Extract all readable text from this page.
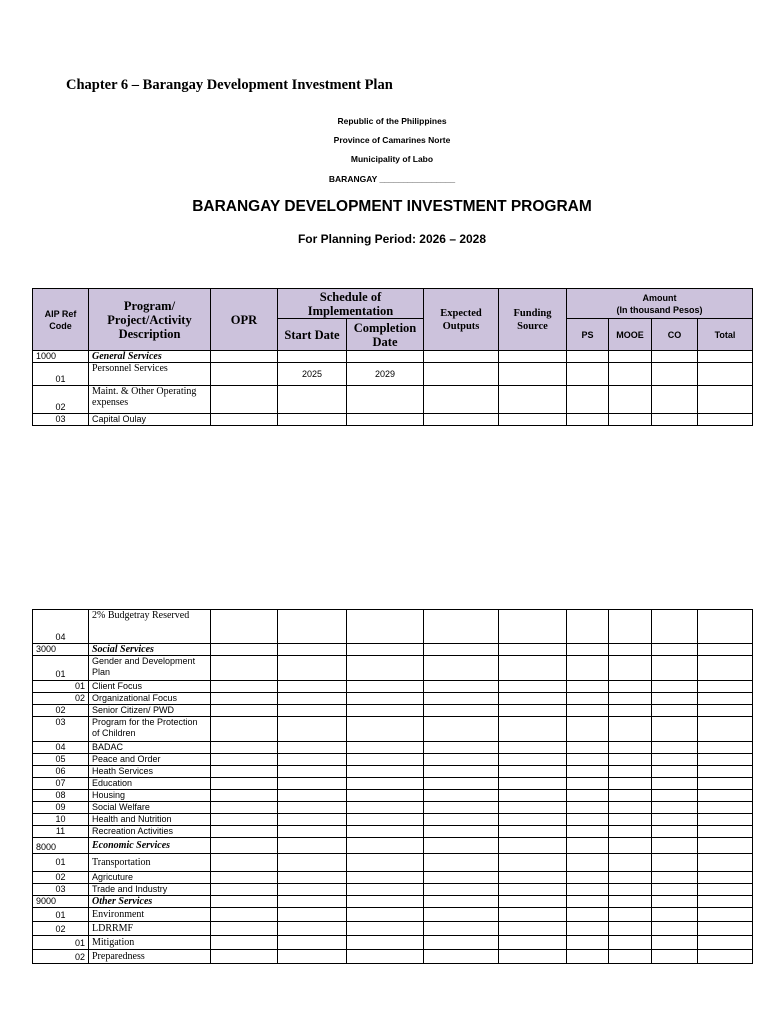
Chapter 6 – Barangay Development Investment Plan
Republic of the Philippines
Province of Camarines Norte
Municipality of Labo
BARANGAY ________________
BARANGAY DEVELOPMENT INVESTMENT PROGRAM
For Planning Period: 2026 – 2028
AIP Ref Code	Program/ Project/Activity Description	OPR	Schedule of Implementation		Expected Outputs	Funding Source	Amount
(In thousand Pesos)			

			Start Date	Completion Date			PS	MOOE	CO	Total
1000	General Services									
01	Personnel Services		2025	2029						
02	Maint. & Other Operating expenses									
03	Capital Oulay									
04	2% Budgetray Reserved									
3000	Social Services									
01	Gender and Development Plan									
01	Client Focus									
02	Organizational Focus									
02	Senior Citizen/ PWD									
03	Program for the Protection of Children									
04	BADAC									
05	Peace and Order									
06	Heath Services									
07	Education									
08	Housing									
09	Social Welfare									
10	Health and Nutrition									
11	Recreation Activities									
8000	Economic Services									
01	Transportation									
02	Agricuture									
03	Trade and Industry									
9000	Other Services									
01	Environment									
02	LDRRMF									
01	Mitigation									
02	Preparedness									
